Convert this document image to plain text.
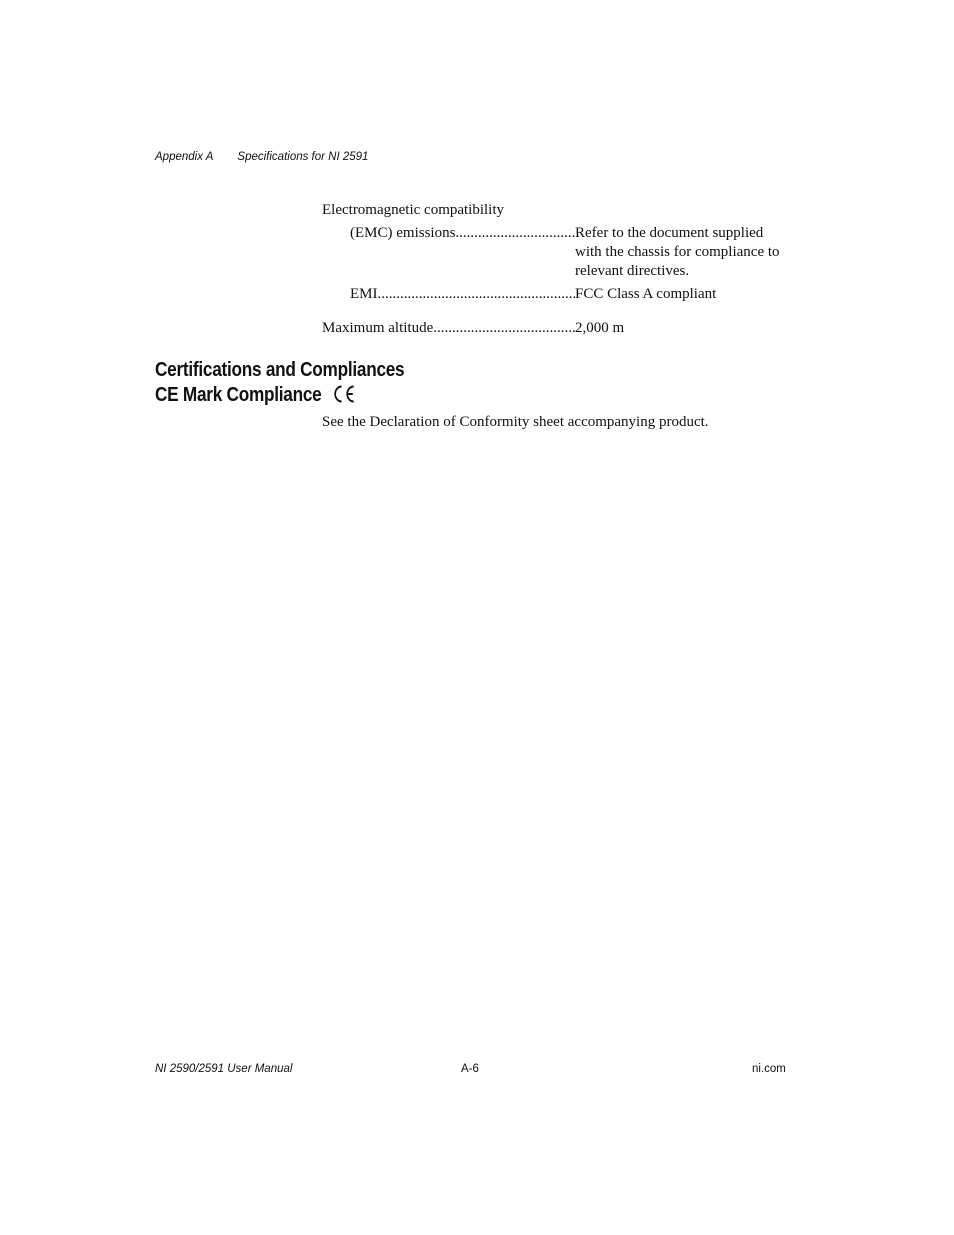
Appendix A Specifications for NI 2591
Electromagnetic compatibility
(EMC) emissions .....	Refer to the document supplied with the chassis for compliance to relevant directives.
EMI .....	FCC Class A compliant
Maximum altitude .....	2,000 m
Certifications and Compliances
CE Mark Compliance
See the Declaration of Conformity sheet accompanying product.
NI 2590/2591 User Manual	A-6	ni.com
